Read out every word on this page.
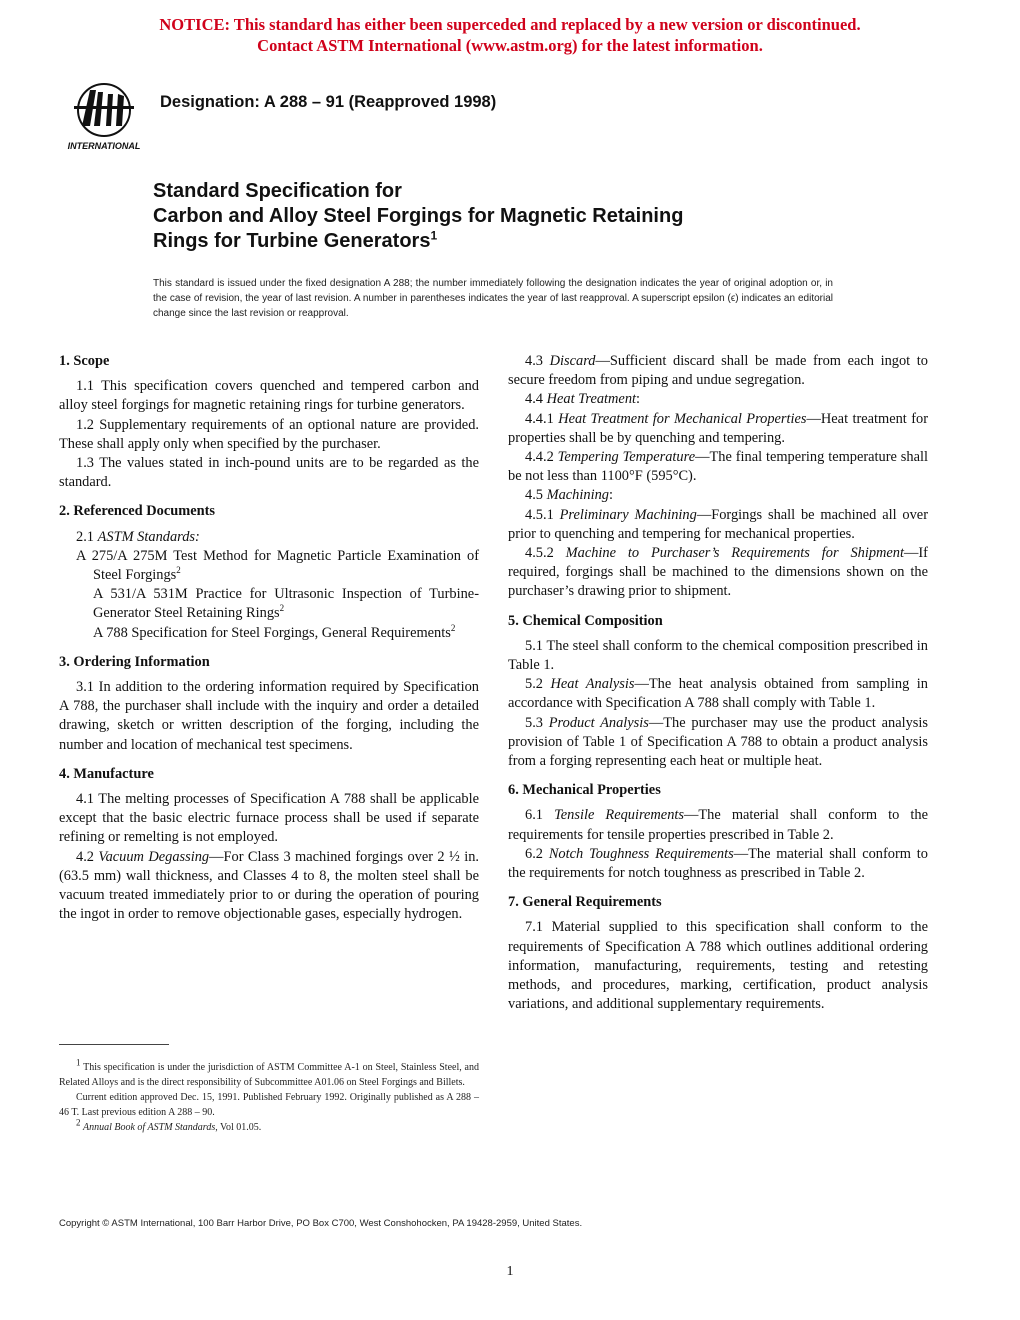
NOTICE: This standard has either been superceded and replaced by a new version or discontinued.
Contact ASTM International (www.astm.org) for the latest information.
INTERNATIONAL
Designation: A 288 – 91 (Reapproved 1998)
Standard Specification for
Carbon and Alloy Steel Forgings for Magnetic Retaining
Rings for Turbine Generators$^1$
This standard is issued under the fixed designation A 288; the number immediately following the designation indicates the year of original adoption or, in the case of revision, the year of last revision. A number in parentheses indicates the year of last reapproval. A superscript epsilon (ϵ) indicates an editorial change since the last revision or reapproval.
1. Scope

1.1 This specification covers quenched and tempered carbon and alloy steel forgings for magnetic retaining rings for turbine generators.

1.2 Supplementary requirements of an optional nature are provided. These shall apply only when specified by the purchaser.

1.3 The values stated in inch-pound units are to be regarded as the standard.

2. Referenced Documents

2.1 ASTM Standards:

A 275/A 275M Test Method for Magnetic Particle Examination of Steel Forgings$^2$

A 531/A 531M Practice for Ultrasonic Inspection of Turbine-Generator Steel Retaining Rings$^2$

A 788 Specification for Steel Forgings, General Requirements$^2$

3. Ordering Information

3.1 In addition to the ordering information required by Specification A 788, the purchaser shall include with the inquiry and order a detailed drawing, sketch or written description of the forging, including the number and location of mechanical test specimens.

4. Manufacture

4.1 The melting processes of Specification A 788 shall be applicable except that the basic electric furnace process shall be used if separate refining or remelting is not employed.

4.2 Vacuum Degassing—For Class 3 machined forgings over 2 ½ in. (63.5 mm) wall thickness, and Classes 4 to 8, the molten steel shall be vacuum treated immediately prior to or during the operation of pouring the ingot in order to remove objectionable gases, especially hydrogen.

$^1$ This specification is under the jurisdiction of ASTM Committee A-1 on Steel, Stainless Steel, and Related Alloys and is the direct responsibility of Subcommittee A01.06 on Steel Forgings and Billets.

Current edition approved Dec. 15, 1991. Published February 1992. Originally published as A 288 – 46 T. Last previous edition A 288 – 90.

$^2$ Annual Book of ASTM Standards, Vol 01.05.

4.3 Discard—Sufficient discard shall be made from each ingot to secure freedom from piping and undue segregation.

4.4 Heat Treatment:

4.4.1 Heat Treatment for Mechanical Properties—Heat treatment for properties shall be by quenching and tempering.

4.4.2 Tempering Temperature—The final tempering temperature shall be not less than 1100°F (595°C).

4.5 Machining:

4.5.1 Preliminary Machining—Forgings shall be machined all over prior to quenching and tempering for mechanical properties.

4.5.2 Machine to Purchaser’s Requirements for Shipment—If required, forgings shall be machined to the dimensions shown on the purchaser’s drawing prior to shipment.

5. Chemical Composition

5.1 The steel shall conform to the chemical composition prescribed in Table 1.

5.2 Heat Analysis—The heat analysis obtained from sampling in accordance with Specification A 788 shall comply with Table 1.

5.3 Product Analysis—The purchaser may use the product analysis provision of Table 1 of Specification A 788 to obtain a product analysis from a forging representing each heat or multiple heat.

6. Mechanical Properties

6.1 Tensile Requirements—The material shall conform to the requirements for tensile properties prescribed in Table 2.

6.2 Notch Toughness Requirements—The material shall conform to the requirements for notch toughness as prescribed in Table 2.

7. General Requirements

7.1 Material supplied to this specification shall conform to the requirements of Specification A 788 which outlines additional ordering information, manufacturing, requirements, testing and retesting methods, and procedures, marking, certification, product analysis variations, and additional supplementary requirements.

Copyright © ASTM International, 100 Barr Harbor Drive, PO Box C700, West Conshohocken, PA 19428-2959, United States.
1
